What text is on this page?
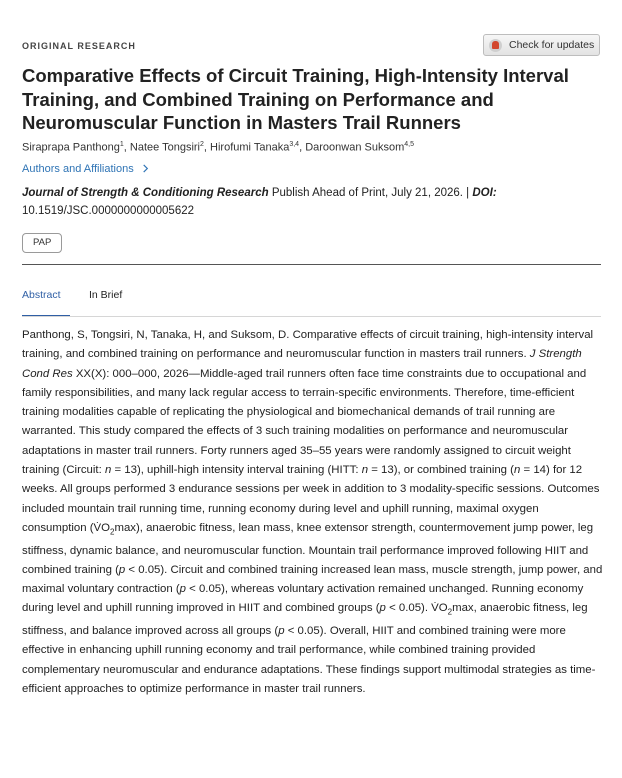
ORIGINAL RESEARCH	Check for updates
Comparative Effects of Circuit Training, High-Intensity Interval Training, and Combined Training on Performance and Neuromuscular Function in Masters Trail Runners
Siraprapa Panthong$^1$, Natee Tongsiri$^2$, Hirofumi Tanaka$^{3,4}$, Daroonwan Suksom$^{4,5}$
Authors and Affiliations
Journal of Strength & Conditioning Research Publish Ahead of Print, July 21, 2026. | DOI:
10.1519/JSC.0000000000005622
PAP
Abstract	In Brief

Panthong, S, Tongsiri, N, Tanaka, H, and Suksom, D. Comparative effects of circuit training, high-intensity interval training, and combined training on performance and neuromuscular function in masters trail runners. J Strength Cond Res XX(X): 000–000, 2026—Middle-aged trail runners often face time constraints due to occupational and family responsibilities, and many lack regular access to terrain-specific environments. Therefore, time-efficient training modalities capable of replicating the physiological and biomechanical demands of trail running are warranted. This study compared the effects of 3 such training modalities on performance and neuromuscular adaptations in master trail runners. Forty runners aged 35–55 years were randomly assigned to circuit weight training (Circuit: n = 13), uphill-high intensity interval training (HITT: n = 13), or combined training (n = 14) for 12 weeks. All groups performed 3 endurance sessions per week in addition to 3 modality-specific sessions. Outcomes included mountain trail running time, running economy during level and uphill running, maximal oxygen consumption $(V̇O_2\max)$, anaerobic fitness, lean mass, knee extensor strength, countermovement jump power, leg stiffness, dynamic balance, and neuromuscular function. Mountain trail performance improved following HIIT and combined training (p < 0.05). Circuit and combined training increased lean mass, muscle strength, jump power, and maximal voluntary contraction (p < 0.05), whereas voluntary activation remained unchanged. Running economy during level and uphill running improved in HIIT and combined groups (p < 0.05). $V̇O_2\max$, anaerobic fitness, leg stiffness, and balance improved across all groups (p < 0.05). Overall, HIIT and combined training were more effective in enhancing uphill running economy and trail performance, while combined training provided complementary neuromuscular and endurance adaptations. These findings support multimodal strategies as time-efficient approaches to optimize performance in master trail runners.
